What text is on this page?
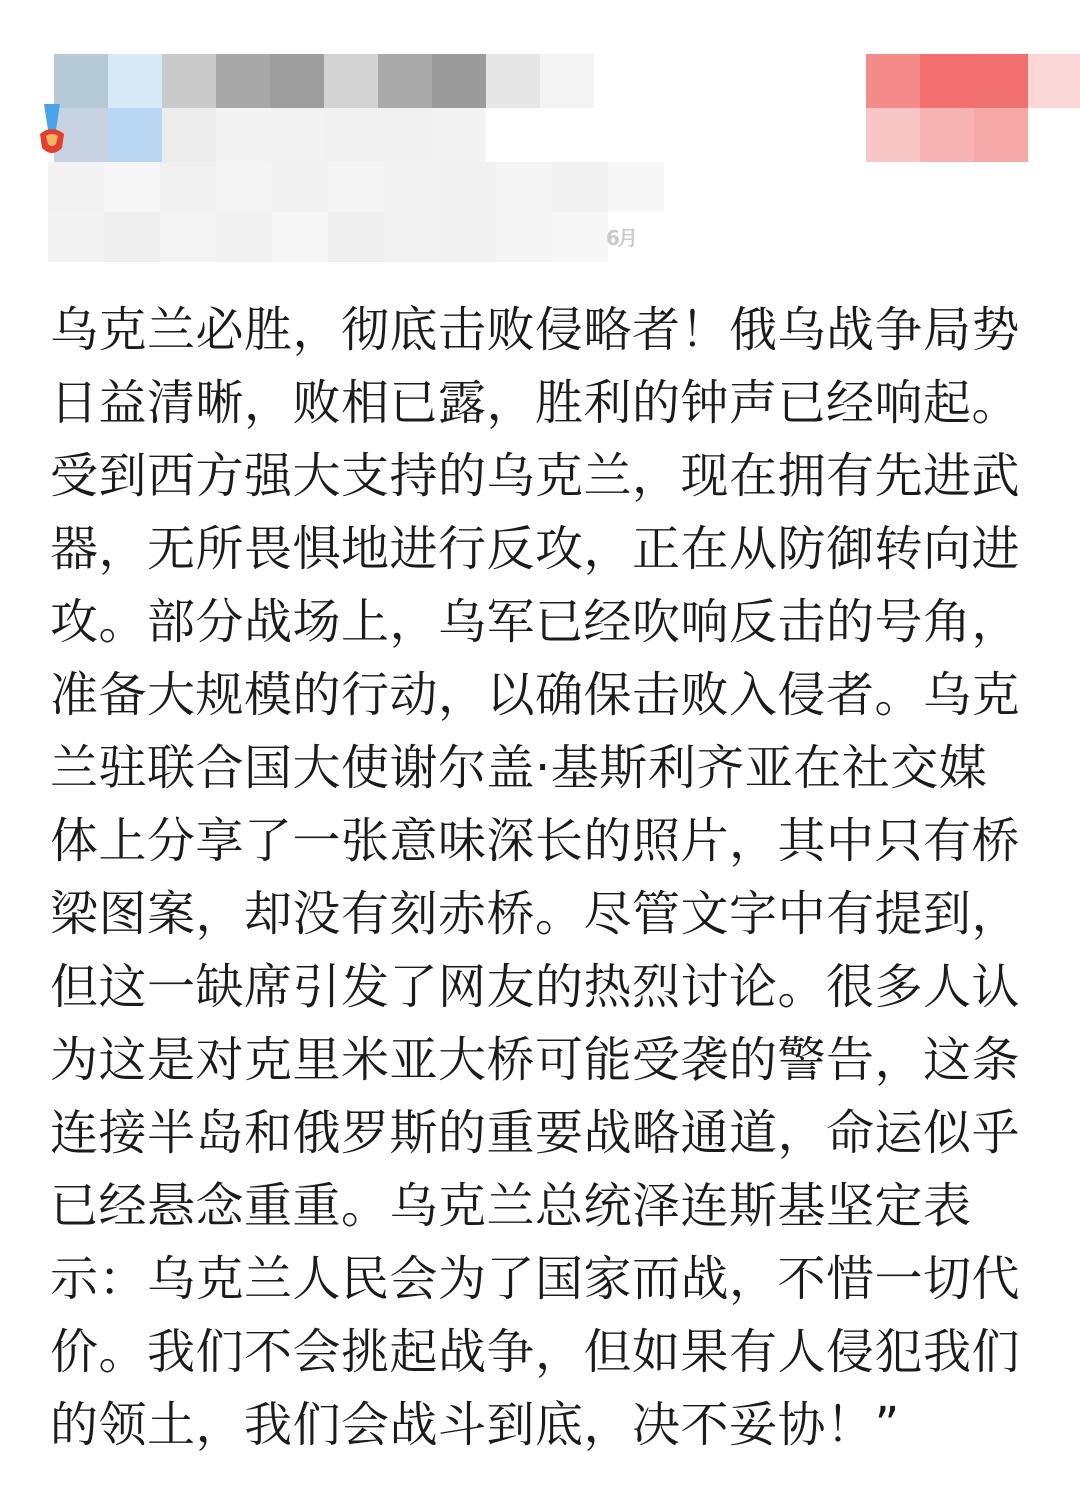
6月
乌克兰必胜，彻底击败侵略者！俄乌战争局势
日益清晰，败相已露，胜利的钟声已经响起。
受到西方强大支持的乌克兰，现在拥有先进武
器，无所畏惧地进行反攻，正在从防御转向进
攻。部分战场上，乌军已经吹响反击的号角，
准备大规模的行动，以确保击败入侵者。乌克
兰驻联合国大使谢尔盖·基斯利齐亚在社交媒
体上分享了一张意味深长的照片，其中只有桥
梁图案，却没有刻赤桥。尽管文字中有提到，
但这一缺席引发了网友的热烈讨论。很多人认
为这是对克里米亚大桥可能受袭的警告，这条
连接半岛和俄罗斯的重要战略通道，命运似乎
已经悬念重重。乌克兰总统泽连斯基坚定表
示：乌克兰人民会为了国家而战，不惜一切代
价。我们不会挑起战争，但如果有人侵犯我们
的领土，我们会战斗到底，决不妥协！”
